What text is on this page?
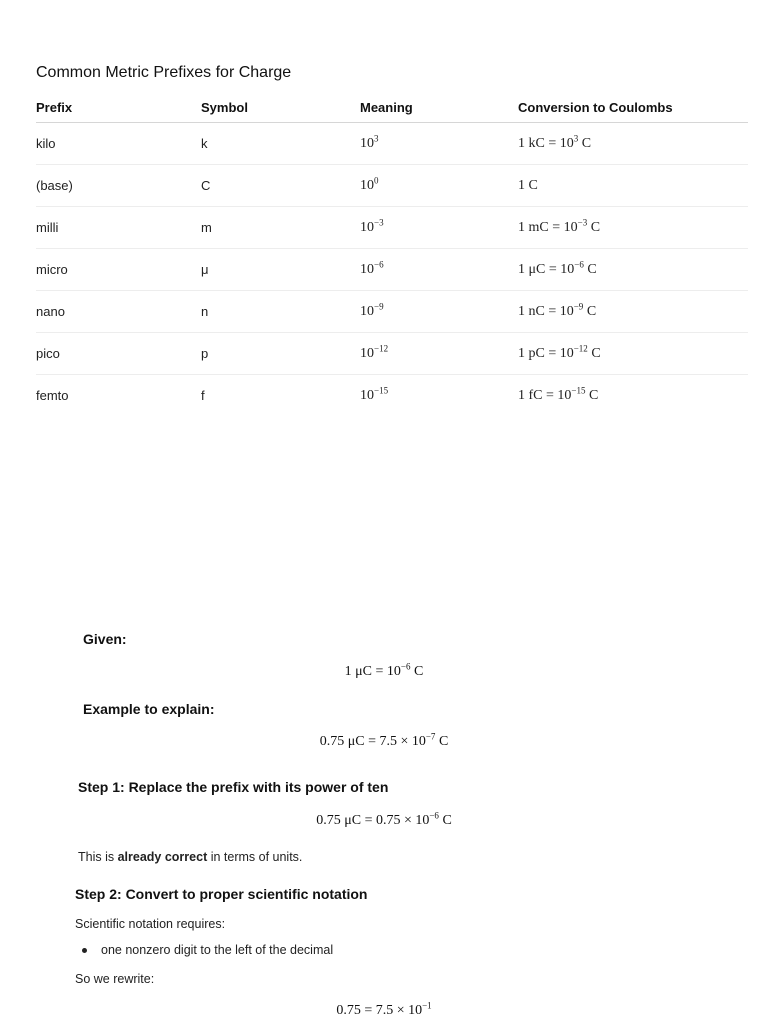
Common Metric Prefixes for Charge
Prefix	Symbol	Meaning	Conversion to Coulombs
kilo	k	$10^3$	1 kC = $10^3$ C
(base)	C	$10^0$	1 C
milli	m	$10^{-3}$	1 mC = $10^{-3}$ C
micro	μ	$10^{-6}$	1 $\mu C = 10^{-6}$ C
nano	n	$10^{-9}$	1 nC = $10^{-9}$ C
pico	p	$10^{-12}$	1 pC = $10^{-12}$ C
femto	f	$10^{-15}$	1 fC = $10^{-15}$ C
Given:
1 $\mu C = 10^{-6}$ C
Example to explain:
0.75 $\mu C = 7.5 \times 10^{-7}$ C
Step 1: Replace the prefix with its power of ten
0.75 $\mu C = 0.75 \times 10^{-6}$ C
This is already correct in terms of units.
Step 2: Convert to proper scientific notation
Scientific notation requires:
one nonzero digit to the left of the decimal
So we rewrite:
$0.75 = 7.5 \times 10^{-1}$
